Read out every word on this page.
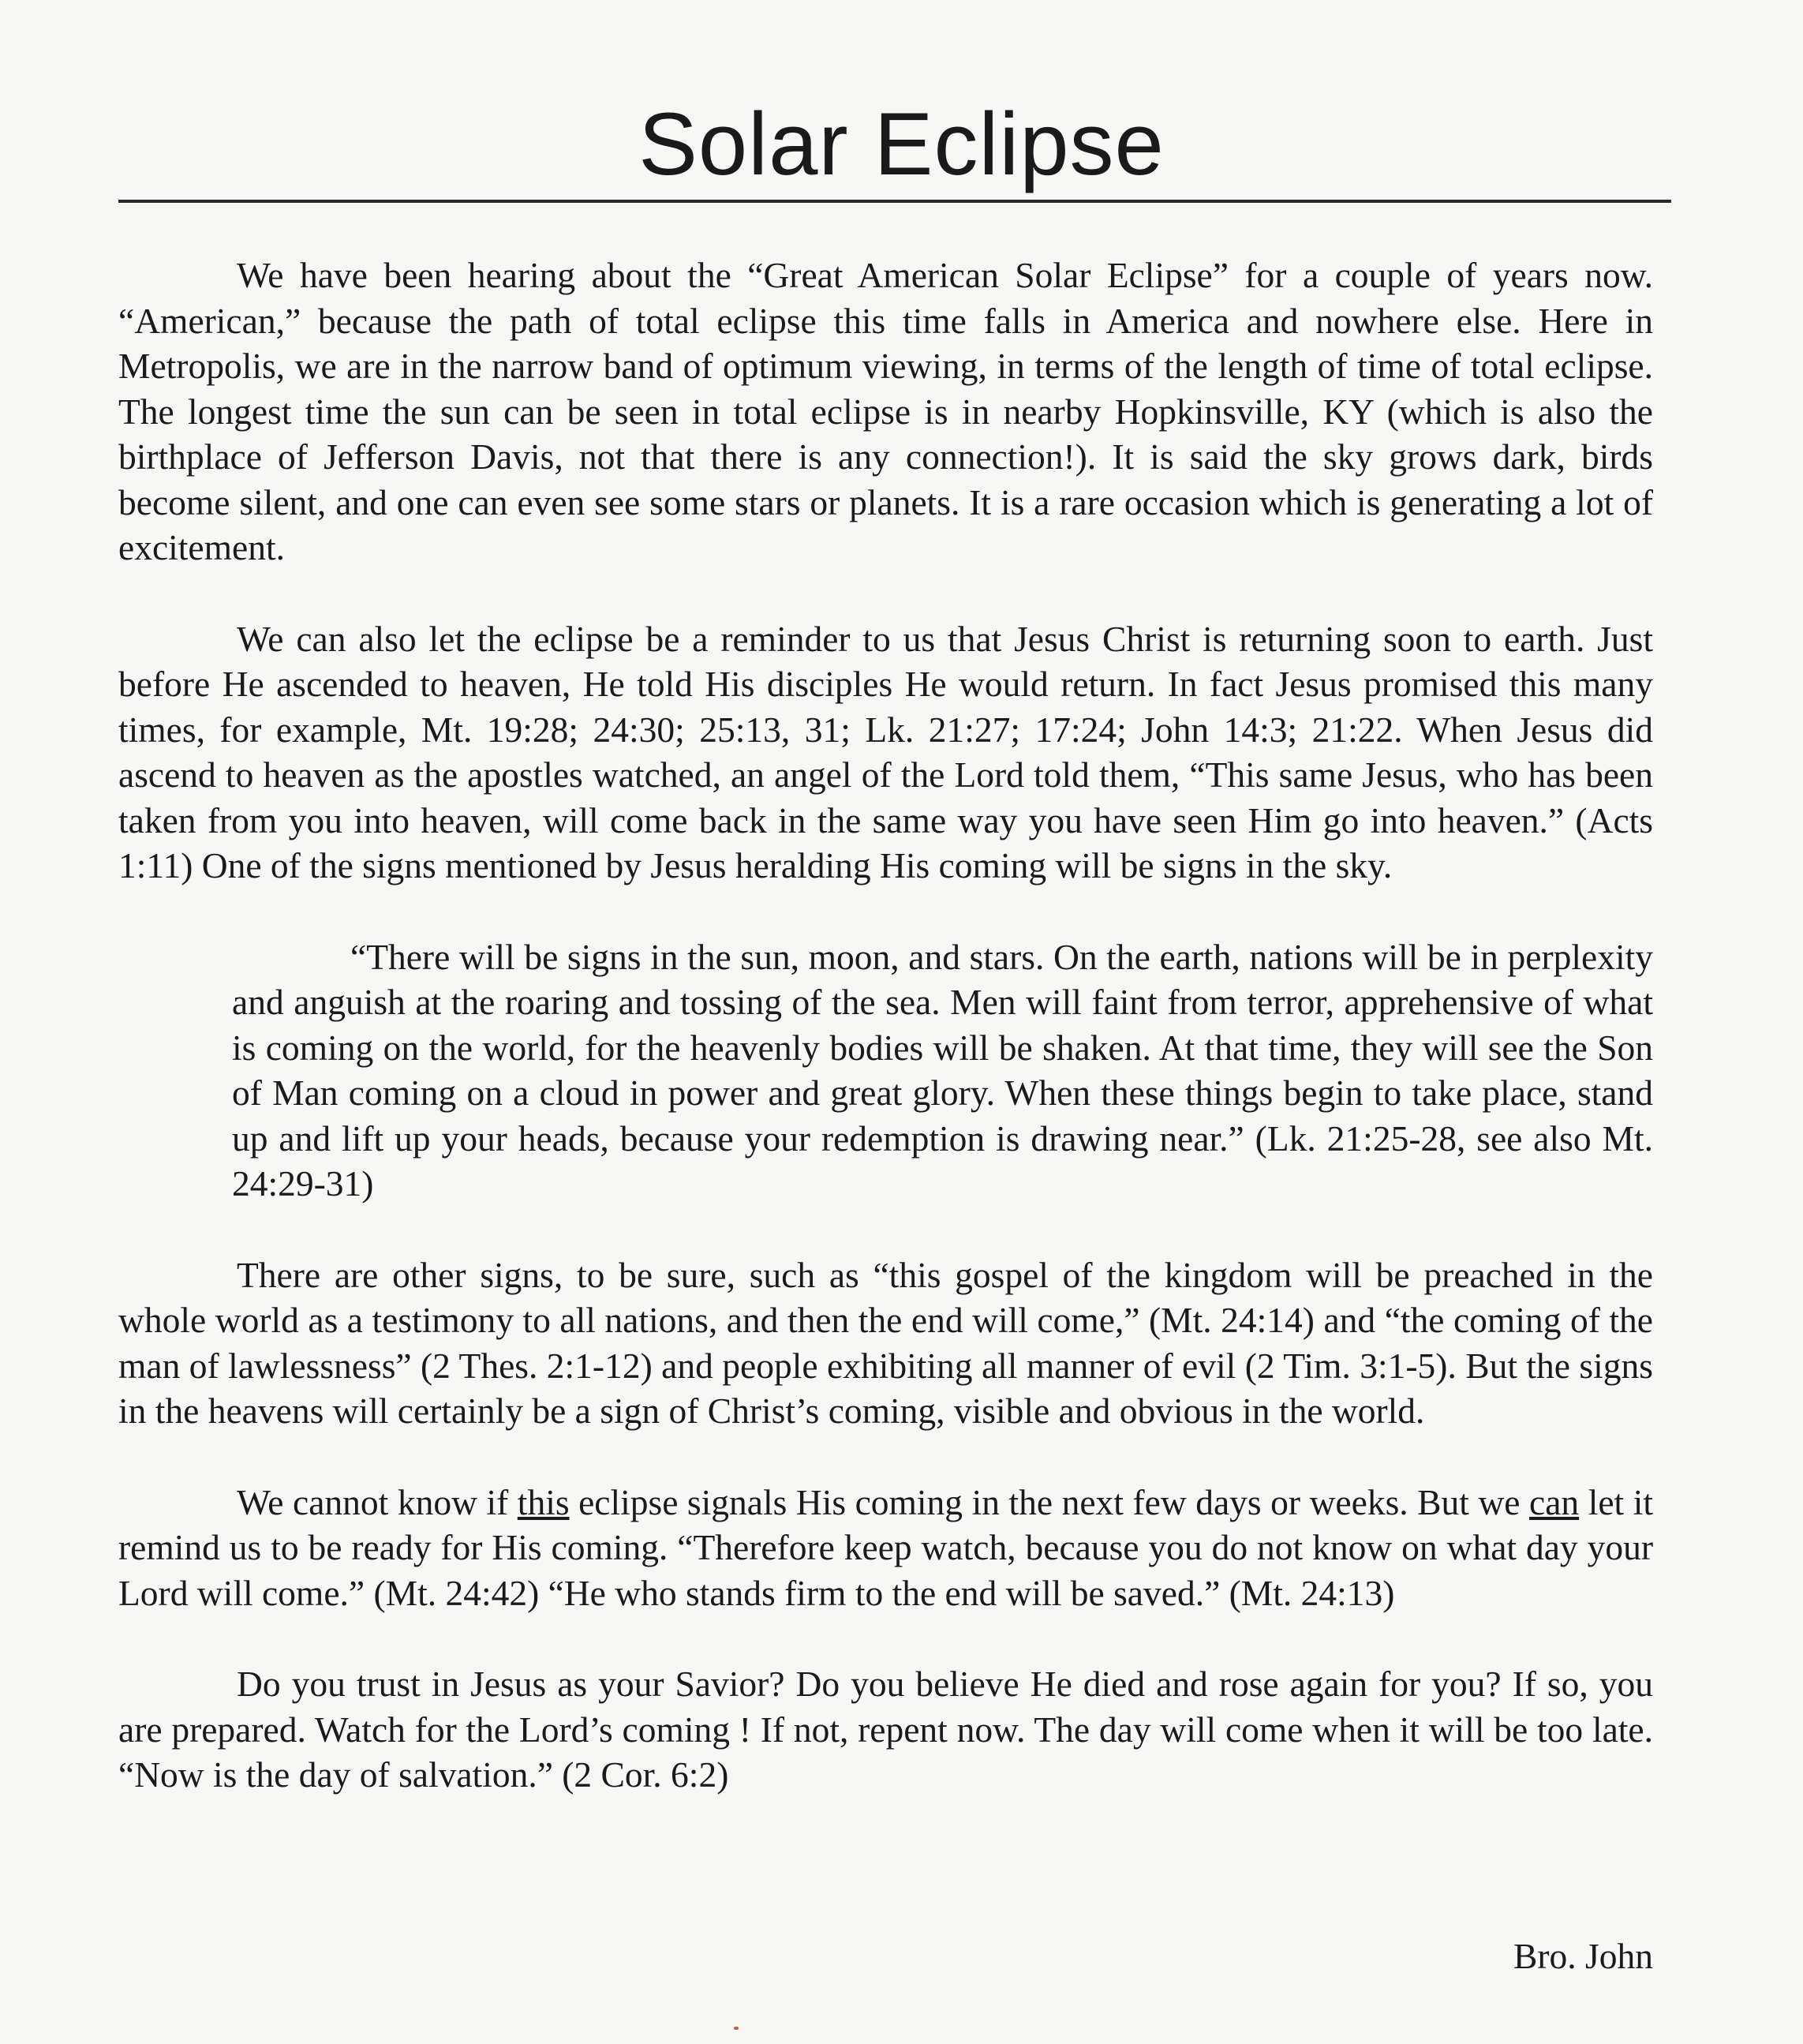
Solar Eclipse

We have been hearing about the “Great American Solar Eclipse” for a couple of years now. “American,” because the path of total eclipse this time falls in America and nowhere else. Here in Metropolis, we are in the narrow band of optimum viewing, in terms of the length of time of total eclipse. The longest time the sun can be seen in total eclipse is in nearby Hopkinsville, KY (which is also the birthplace of Jefferson Davis, not that there is any connection!). It is said the sky grows dark, birds become silent, and one can even see some stars or planets. It is a rare occasion which is generating a lot of excitement.

We can also let the eclipse be a reminder to us that Jesus Christ is returning soon to earth. Just before He ascended to heaven, He told His disciples He would return. In fact Jesus promised this many times, for example, Mt. 19:28; 24:30; 25:13, 31; Lk. 21:27; 17:24; John 14:3; 21:22. When Jesus did ascend to heaven as the apostles watched, an angel of the Lord told them, “This same Jesus, who has been taken from you into heaven, will come back in the same way you have seen Him go into heaven.” (Acts 1:11) One of the signs mentioned by Jesus heralding His coming will be signs in the sky.

“There will be signs in the sun, moon, and stars. On the earth, nations will be in perplexity and anguish at the roaring and tossing of the sea. Men will faint from terror, apprehensive of what is coming on the world, for the heavenly bodies will be shaken. At that time, they will see the Son of Man coming on a cloud in power and great glory. When these things begin to take place, stand up and lift up your heads, because your redemption is drawing near.” (Lk. 21:25-28, see also Mt. 24:29-31)

There are other signs, to be sure, such as “this gospel of the kingdom will be preached in the whole world as a testimony to all nations, and then the end will come,” (Mt. 24:14) and “the coming of the man of lawlessness” (2 Thes. 2:1-12) and people exhibiting all manner of evil (2 Tim. 3:1-5). But the signs in the heavens will certainly be a sign of Christ’s coming, visible and obvious in the world.

We cannot know if this eclipse signals His coming in the next few days or weeks. But we can let it remind us to be ready for His coming. “Therefore keep watch, because you do not know on what day your Lord will come.” (Mt. 24:42) “He who stands firm to the end will be saved.” (Mt. 24:13)

Do you trust in Jesus as your Savior? Do you believe He died and rose again for you? If so, you are prepared. Watch for the Lord’s coming ! If not, repent now. The day will come when it will be too late. “Now is the day of salvation.” (2 Cor. 6:2)

Bro. John
